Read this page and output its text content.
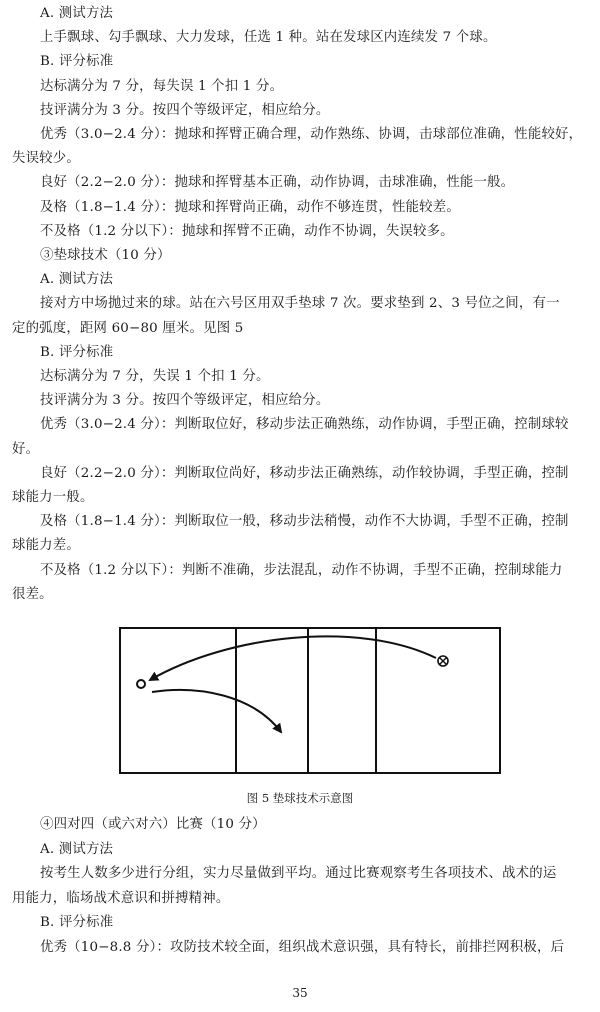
A. 测试方法
上手飘球、勾手飘球、大力发球，任选 1 种。站在发球区内连续发 7 个球。
B. 评分标准
达标满分为 7 分，每失误 1 个扣 1 分。
技评满分为 3 分。按四个等级评定，相应给分。
优秀（3.0−2.4 分）：抛球和挥臂正确合理，动作熟练、协调，击球部位准确，性能较好，
失误较少。
良好（2.2−2.0 分）：抛球和挥臂基本正确，动作协调，击球准确，性能一般。
及格（1.8−1.4 分）：抛球和挥臂尚正确，动作不够连贯，性能较差。
不及格（1.2 分以下）：抛球和挥臂不正确，动作不协调，失误较多。
③垫球技术（10 分）
A. 测试方法
接对方中场拋过来的球。站在六号区用双手垫球 7 次。要求垫到 2、3 号位之间，有一
定的弧度，距网 60−80 厘米。见图 5
B. 评分标准
达标满分为 7 分，失误 1 个扣 1 分。
技评满分为 3 分。按四个等级评定，相应给分。
优秀（3.0−2.4 分）：判断取位好，移动步法正确熟练，动作协调，手型正确，控制球较
好。
良好（2.2−2.0 分）：判断取位尚好，移动步法正确熟练，动作较协调，手型正确，控制
球能力一般。
及格（1.8−1.4 分）：判断取位一般，移动步法稍慢，动作不大协调，手型不正确，控制
球能力差。
不及格（1.2 分以下）：判断不准确，步法混乱，动作不协调，手型不正确，控制球能力
很差。
图 5 垫球技术示意图
④四对四（或六对六）比赛（10 分）
A. 测试方法
按考生人数多少进行分组，实力尽量做到平均。通过比赛观察考生各项技术、战术的运
用能力，临场战术意识和拼搏精神。
B. 评分标准
优秀（10−8.8 分）：攻防技术较全面，组织战术意识强，具有特长，前排拦网积极，后
35
